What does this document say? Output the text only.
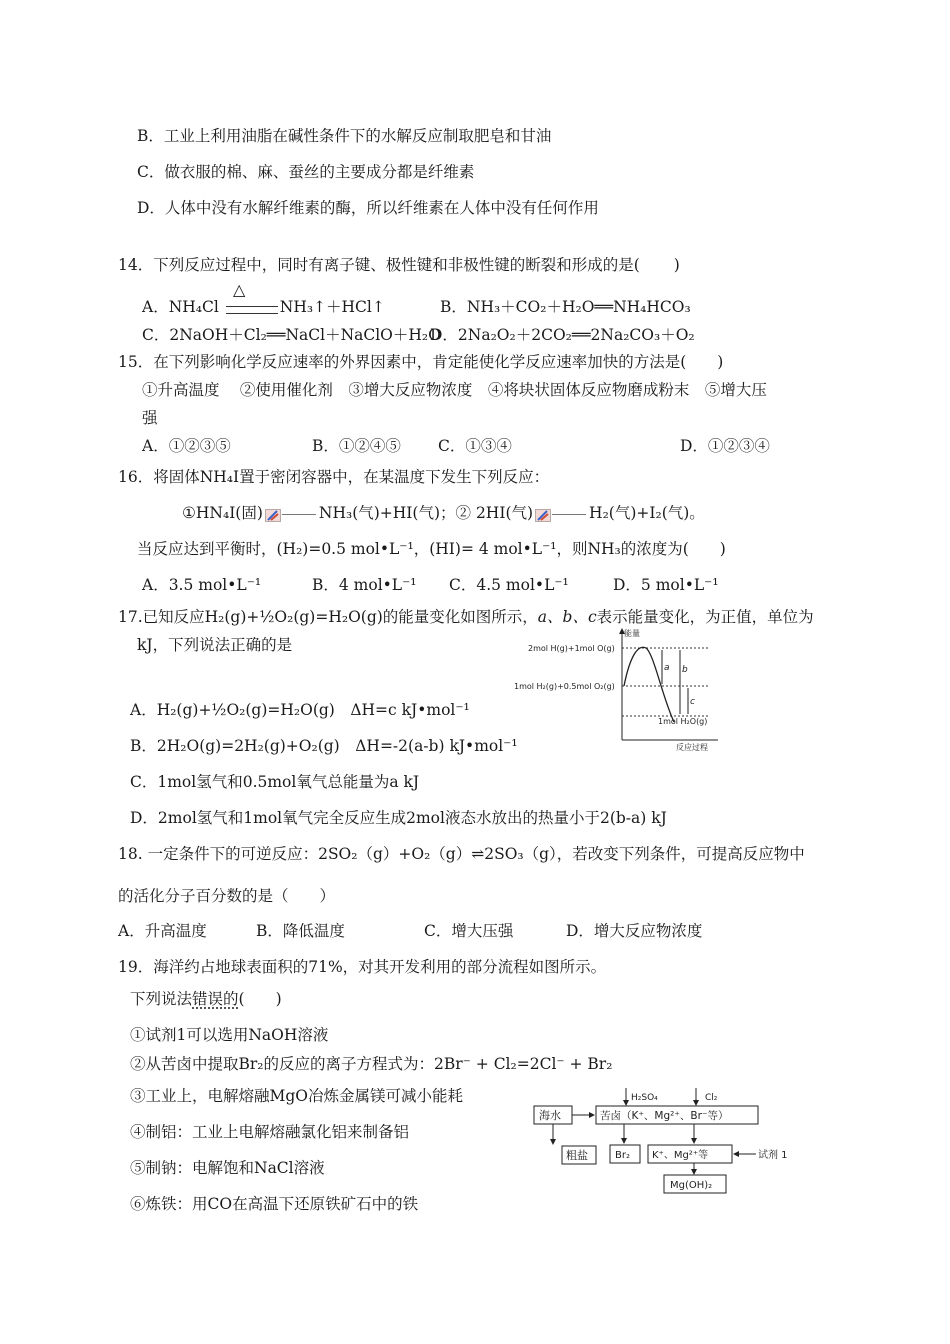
B．工业上利用油脂在碱性条件下的水解反应制取肥皂和甘油
C．做衣服的棉、麻、蚕丝的主要成分都是纤维素
D．人体中没有水解纤维素的酶，所以纤维素在人体中没有任何作用
14．下列反应过程中，同时有离子键、极性键和非极性键的断裂和形成的是( )
A．NH₄Cl	NH₃↑＋HCl↑
△
B．NH₃＋CO₂＋H₂O══NH₄HCO₃
C．2NaOH＋Cl₂══NaCl＋NaClO＋H₂O
D．2Na₂O₂＋2CO₂══2Na₂CO₃＋O₂
15．在下列影响化学反应速率的外界因素中，肯定能使化学反应速率加快的方法是(　　)
①升高温度　 ②使用催化剂　③增大反应物浓度　④将块状固体反应物磨成粉末　⑤增大压
强
A．①②③⑤	B．①②④⑤ C．①③④	D．①②③④
16．将固体NH₄I置于密闭容器中，在某温度下发生下列反应：
①HN₄I(固)	NH₃(气)+HI(气)；② 2HI(气)	H₂(气)+I₂(气)。
当反应达到平衡时，(H₂)=0.5 mol•L⁻¹，(HI)= 4 mol•L⁻¹，则NH₃的浓度为(　　)
A．3.5 mol•L⁻¹	B．4 mol•L⁻¹ C．4.5 mol•L⁻¹	D．5 mol•L⁻¹
17.已知反应H₂(g)+½O₂(g)=H₂O(g)的能量变化如图所示，a、b、c表示能量变化，为正值，单位为
kJ，下列说法正确的是
A．H₂(g)+½O₂(g)=H₂O(g)　ΔH=c kJ•mol⁻¹
B．2H₂O(g)=2H₂(g)+O₂(g)　ΔH=-2(a-b) kJ•mol⁻¹
C．1mol氢气和0.5mol氧气总能量为a kJ
D．2mol氢气和1mol氧气完全反应生成2mol液态水放出的热量小于2(b-a) kJ
能量
反应过程
2mol H(g)+1mol O(g)
1mol H₂(g)+0.5mol O₂(g)
1mol H₂O(g)
a b
c
18. 一定条件下的可逆反应：2SO₂（g）+O₂（g）⇌2SO₃（g），若改变下列条件，可提高反应物中
的活化分子百分数的是（　　）
A．升高温度	B．降低温度	C．增大压强	D．增大反应物浓度
19．海洋约占地球表面积的71%，对其开发利用的部分流程如图所示。
下列说法错误的(　　)
①试剂1可以选用NaOH溶液
②从苦卤中提取Br₂的反应的离子方程式为：2Br⁻ + Cl₂=2Cl⁻ + Br₂
③工业上，电解熔融MgO冶炼金属镁可减小能耗
④制铝：工业上电解熔融氯化铝来制备铝
⑤制钠：电解饱和NaCl溶液
⑥炼铁：用CO在高温下还原铁矿石中的铁
海水	苦卤（K⁺、Mg²⁺、Br⁻等）
H₂SO₄	Cl₂
粗盐	Br₂ K⁺、Mg²⁺等	试剂 1
Mg(OH)₂
